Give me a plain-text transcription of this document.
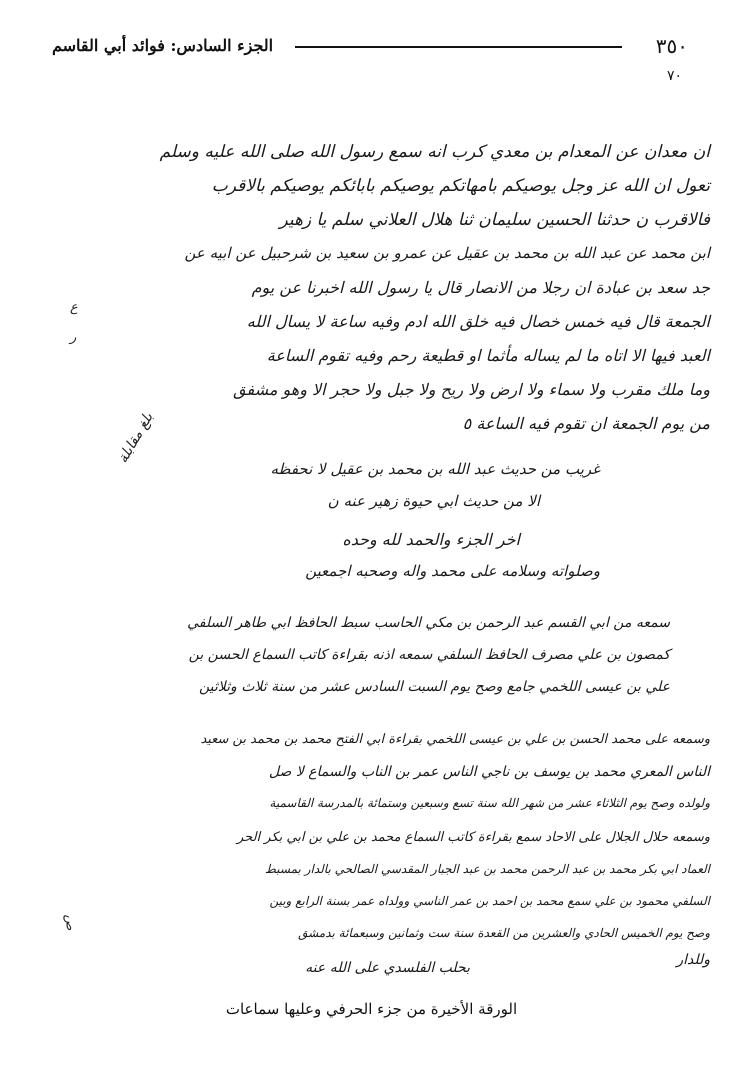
٣٥٠
الجزء السادس: فوائد أبي القاسم
٧٠
ان معدان عن المعدام بن معدي كرب انه سمع رسول الله صلى الله عليه وسلم
تعول ان الله عز وجل يوصيكم بامهاتكم يوصيكم بابائكم يوصيكم بالاقرب
فالاقرب ن حدثنا الحسين سليمان ثنا هلال العلاني سلم يا زهير
ابن محمد عن عبد الله بن محمد بن عقيل عن عمرو بن سعيد بن شرحبيل عن ابيه عن
جد سعد بن عبادة ان رجلا من الانصار قال يا رسول الله اخبرنا عن يوم
الجمعة قال فيه خمس خصال فيه خلق الله ادم وفيه ساعة لا يسال الله
العبد فيها الا اتاه ما لم يساله مأثما او قطيعة رحم وفيه تقوم الساعة
وما ملك مقرب ولا سماء ولا ارض ولا ريح ولا جبل ولا حجر الا وهو مشفق
من يوم الجمعة ان تقوم فيه الساعة ٥
غريب من حديث عبد الله بن محمد بن عقيل لا نحفظه
الا من حديث ابي حيوة زهير عنه ن
اخر الجزء والحمد لله وحده
وصلواته وسلامه على محمد واله وصحبه اجمعين
سمعه من ابي القسم عبد الرحمن بن مكي الحاسب سبط الحافظ ابي طاهر السلفي
كمصون بن علي مصرف الحافظ السلفي سمعه اذنه بقراءة كاتب السماع الحسن بن
علي بن عيسى اللخمي جامع وصح يوم السبت السادس عشر من سنة ثلاث وثلاثين
وسمعه على محمد الحسن بن علي بن عيسى اللخمي بقراءة ابي الفتح محمد بن محمد بن سعيد
الناس المعري محمد بن يوسف بن ناجي الناس عمر بن الناب والسماع لا صل
ولولده وصح يوم الثلاثاء عشر من شهر الله سنة تسع وسبعين وستمائة بالمدرسة القاسمية
وسمعه حلال الجلال على الاحاد سمع بقراءة كاتب السماع محمد بن علي بن ابي بكر الحر
العماد ابي بكر محمد بن عبد الرحمن محمد بن عبد الجبار المقدسي الصالحي بالدار بمسبط
السلفي محمود بن علي سمع محمد بن احمد بن عمر الناسي وولداه عمر بسنة الرابع وبين
وصح يوم الخميس الحادي والعشرين من القعدة سنة ست وثمانين وسبعمائة بدمشق
وللدار
بحلب الفلسدي على الله عنه
بلغ مقابلة
ع
ر
ص
الورقة الأخيرة من جزء الحرفي وعليها سماعات
